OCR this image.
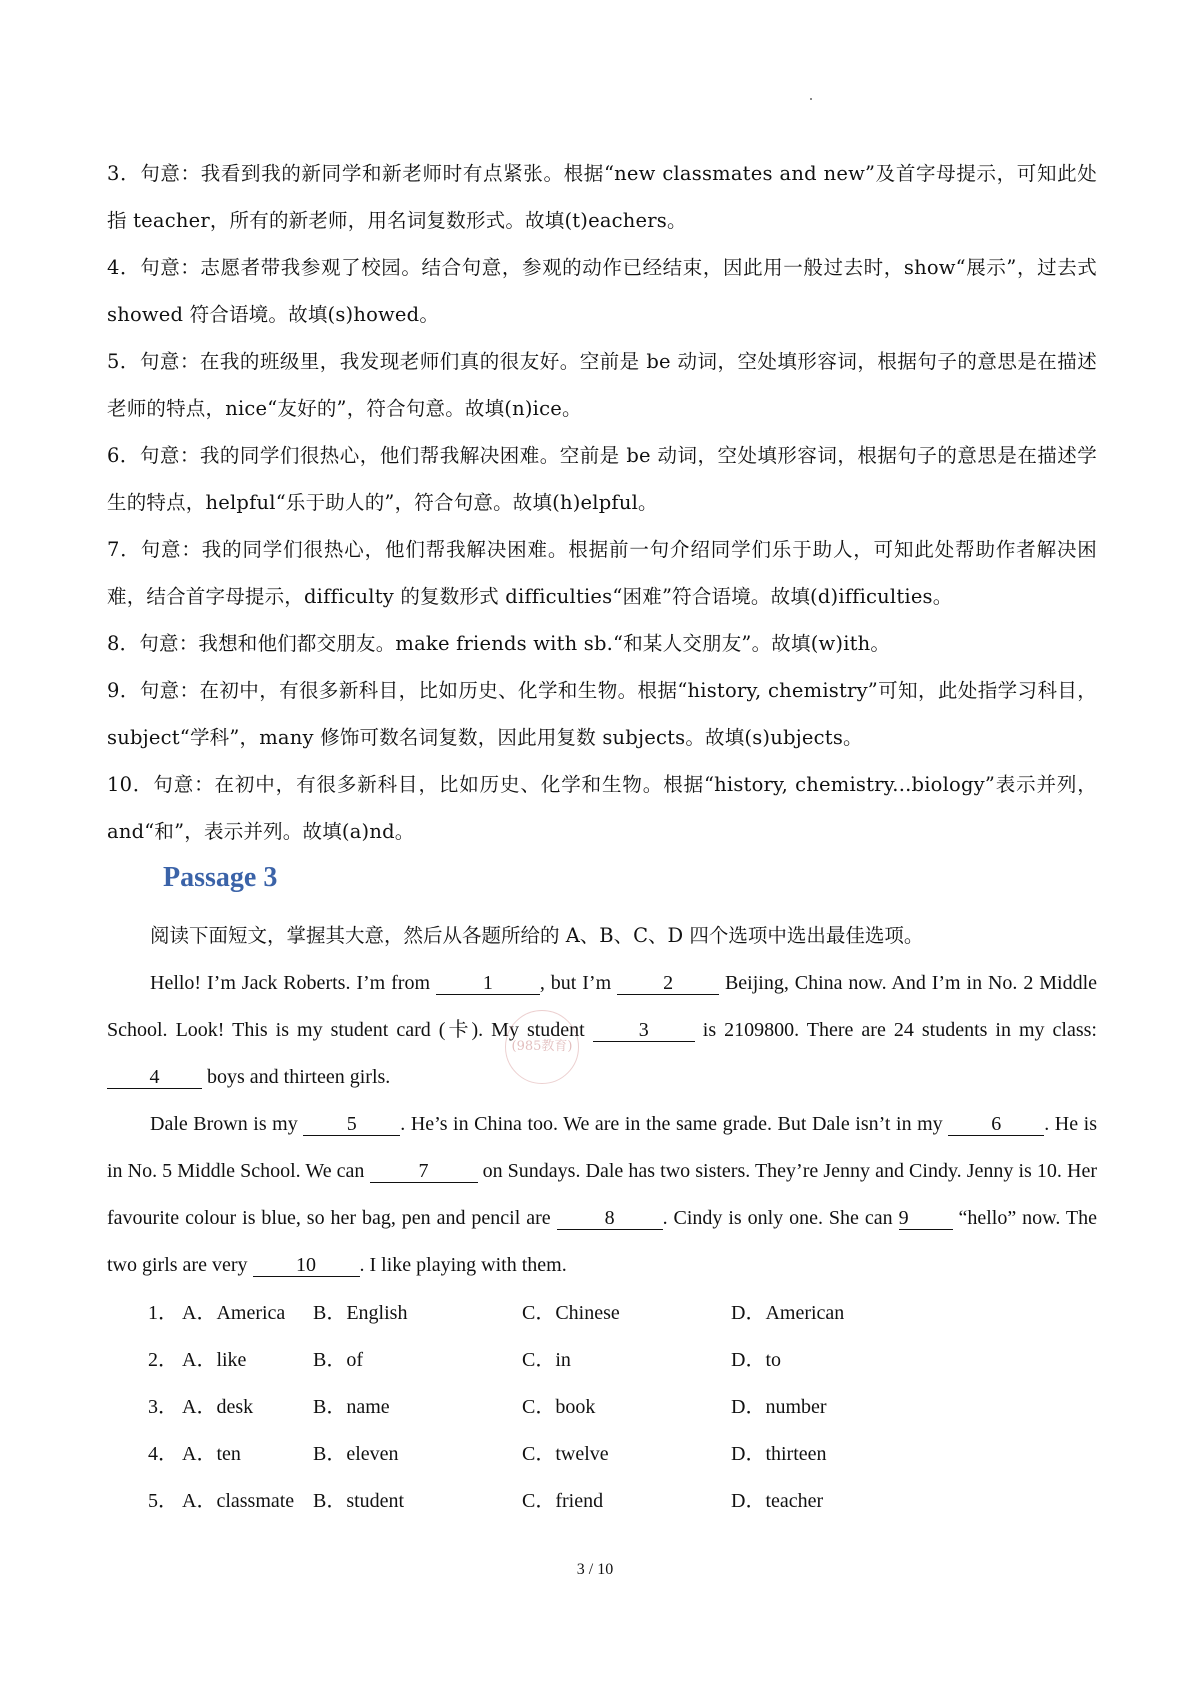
3．句意：我看到我的新同学和新老师时有点紧张。根据“new classmates and new”及首字母提示，可知此处指 teacher，所有的新老师，用名词复数形式。故填(t)eachers。

4．句意：志愿者带我参观了校园。结合句意，参观的动作已经结束，因此用一般过去时，show“展示”，过去式 showed 符合语境。故填(s)howed。

5．句意：在我的班级里，我发现老师们真的很友好。空前是 be 动词，空处填形容词，根据句子的意思是在描述老师的特点，nice“友好的”，符合句意。故填(n)ice。

6．句意：我的同学们很热心，他们帮我解决困难。空前是 be 动词，空处填形容词，根据句子的意思是在描述学生的特点，helpful“乐于助人的”，符合句意。故填(h)elpful。

7．句意：我的同学们很热心，他们帮我解决困难。根据前一句介绍同学们乐于助人，可知此处帮助作者解决困难，结合首字母提示，difficulty 的复数形式 difficulties“困难”符合语境。故填(d)ifficulties。

8．句意：我想和他们都交朋友。make friends with sb.“和某人交朋友”。故填(w)ith。

9．句意：在初中，有很多新科目，比如历史、化学和生物。根据“history, chemistry”可知，此处指学习科目，subject“学科”，many 修饰可数名词复数，因此用复数 subjects。故填(s)ubjects。

10．句意：在初中，有很多新科目，比如历史、化学和生物。根据“history, chemistry...biology”表示并列，and“和”，表示并列。故填(a)nd。

Passage 3
阅读下面短文，掌握其大意，然后从各题所给的 A、B、C、D 四个选项中选出最佳选项。

Hello! I’m Jack Roberts. I’m from 1 , but I’m 2 Beijing, China now. And I’m in No. 2 Middle School. Look! This is my student card (卡). My student 3 is 2109800. There are 24 students in my class: 4 boys and thirteen girls.

Dale Brown is my 5 . He’s in China too. We are in the same grade. But Dale isn’t in my 6 . He is in No. 5 Middle School. We can 7 on Sundays. Dale has two sisters. They’re Jenny and Cindy. Jenny is 10. Her favourite colour is blue, so her bag, pen and pencil are 8 . Cindy is only one. She can 9 “hello” now. The two girls are very 10 . I like playing with them.

(985教育)
1． A．America B．English	C．Chinese	D．American
2． A．like	B．of	C．in	D．to
3． A．desk	B．name	C．book	D．number
4． A．ten	B．eleven	C．twelve	D．thirteen
5． A．classmate B．student	C．friend	D．teacher
3 / 10
